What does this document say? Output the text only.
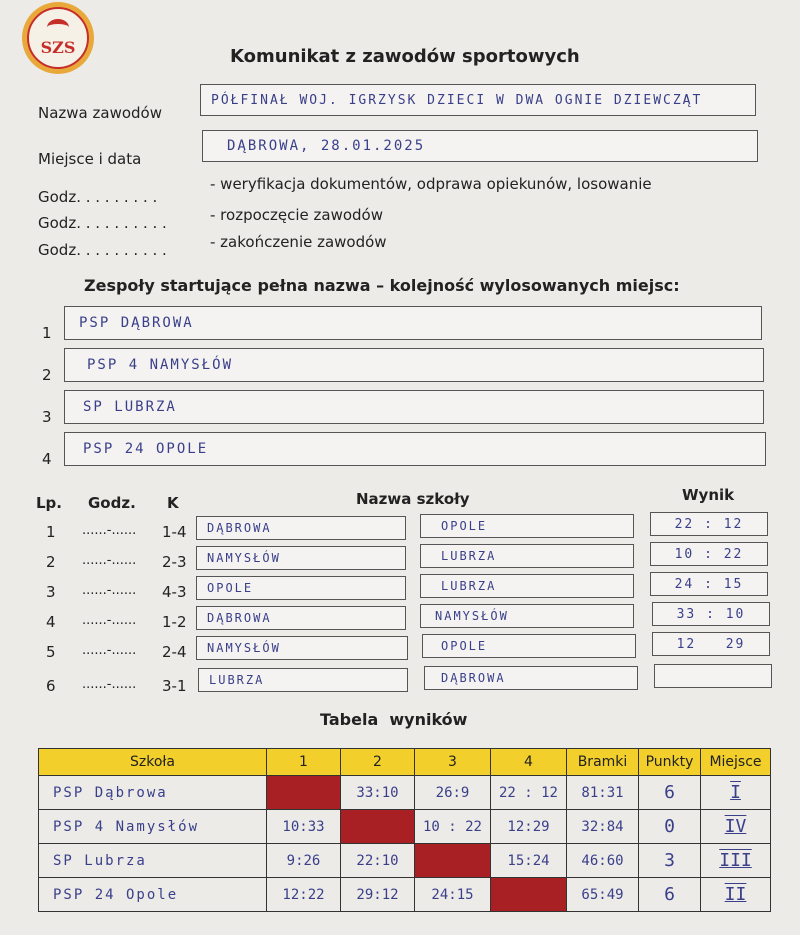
SZS	Komunikat z zawodów sportowych
Nazwa zawodów
PÓŁFINAŁ WOJ. IGRZYSK DZIECI W DWA OGNIE DZIEWCZĄT
Miejsce i data
DĄBROWA, 28.01.2025
Godz. . . . . . . . .
- weryfikacja dokumentów, odprawa opiekunów, losowanie
Godz. . . . . . . . . .	- rozpoczęcie zawodów
Godz. . . . . . . . . .	- zakończenie zawodów
Zespoły startujące pełna nazwa – kolejność wylosowanych miejsc:
1
PSP DĄBROWA
2
PSP 4 NAMYSŁÓW
3
SP LUBRZA
4
PSP 24 OPOLE
Lp. Godz. K	Nazwa szkoły	Wynik
1 ......-...... 1-4 DĄBROWA	OPOLE	22 : 12
2 ......-...... 2-3 NAMYSŁÓW	LUBRZA	10 : 22
3 ......-...... 4-3 OPOLE	LUBRZA	24 : 15
4 ......-...... 1-2 DĄBROWA	NAMYSŁÓW	33 : 10
5 ......-...... 2-4 NAMYSŁÓW	OPOLE	12   29
6 ......-...... 3-1 LUBRZA	DĄBROWA
Tabela  wyników
Szkoła	1	2	3	4	Bramki	Punkty	Miejsce
PSP Dąbrowa		33:10	26:9	22 : 12	81:31	6	I
PSP 4 Namysłów	10:33		10 : 22	12:29	32:84	0	IV
SP Lubrza	9:26	22:10		15:24	46:60	3	III
PSP 24 Opole	12:22	29:12	24:15		65:49	6	II
